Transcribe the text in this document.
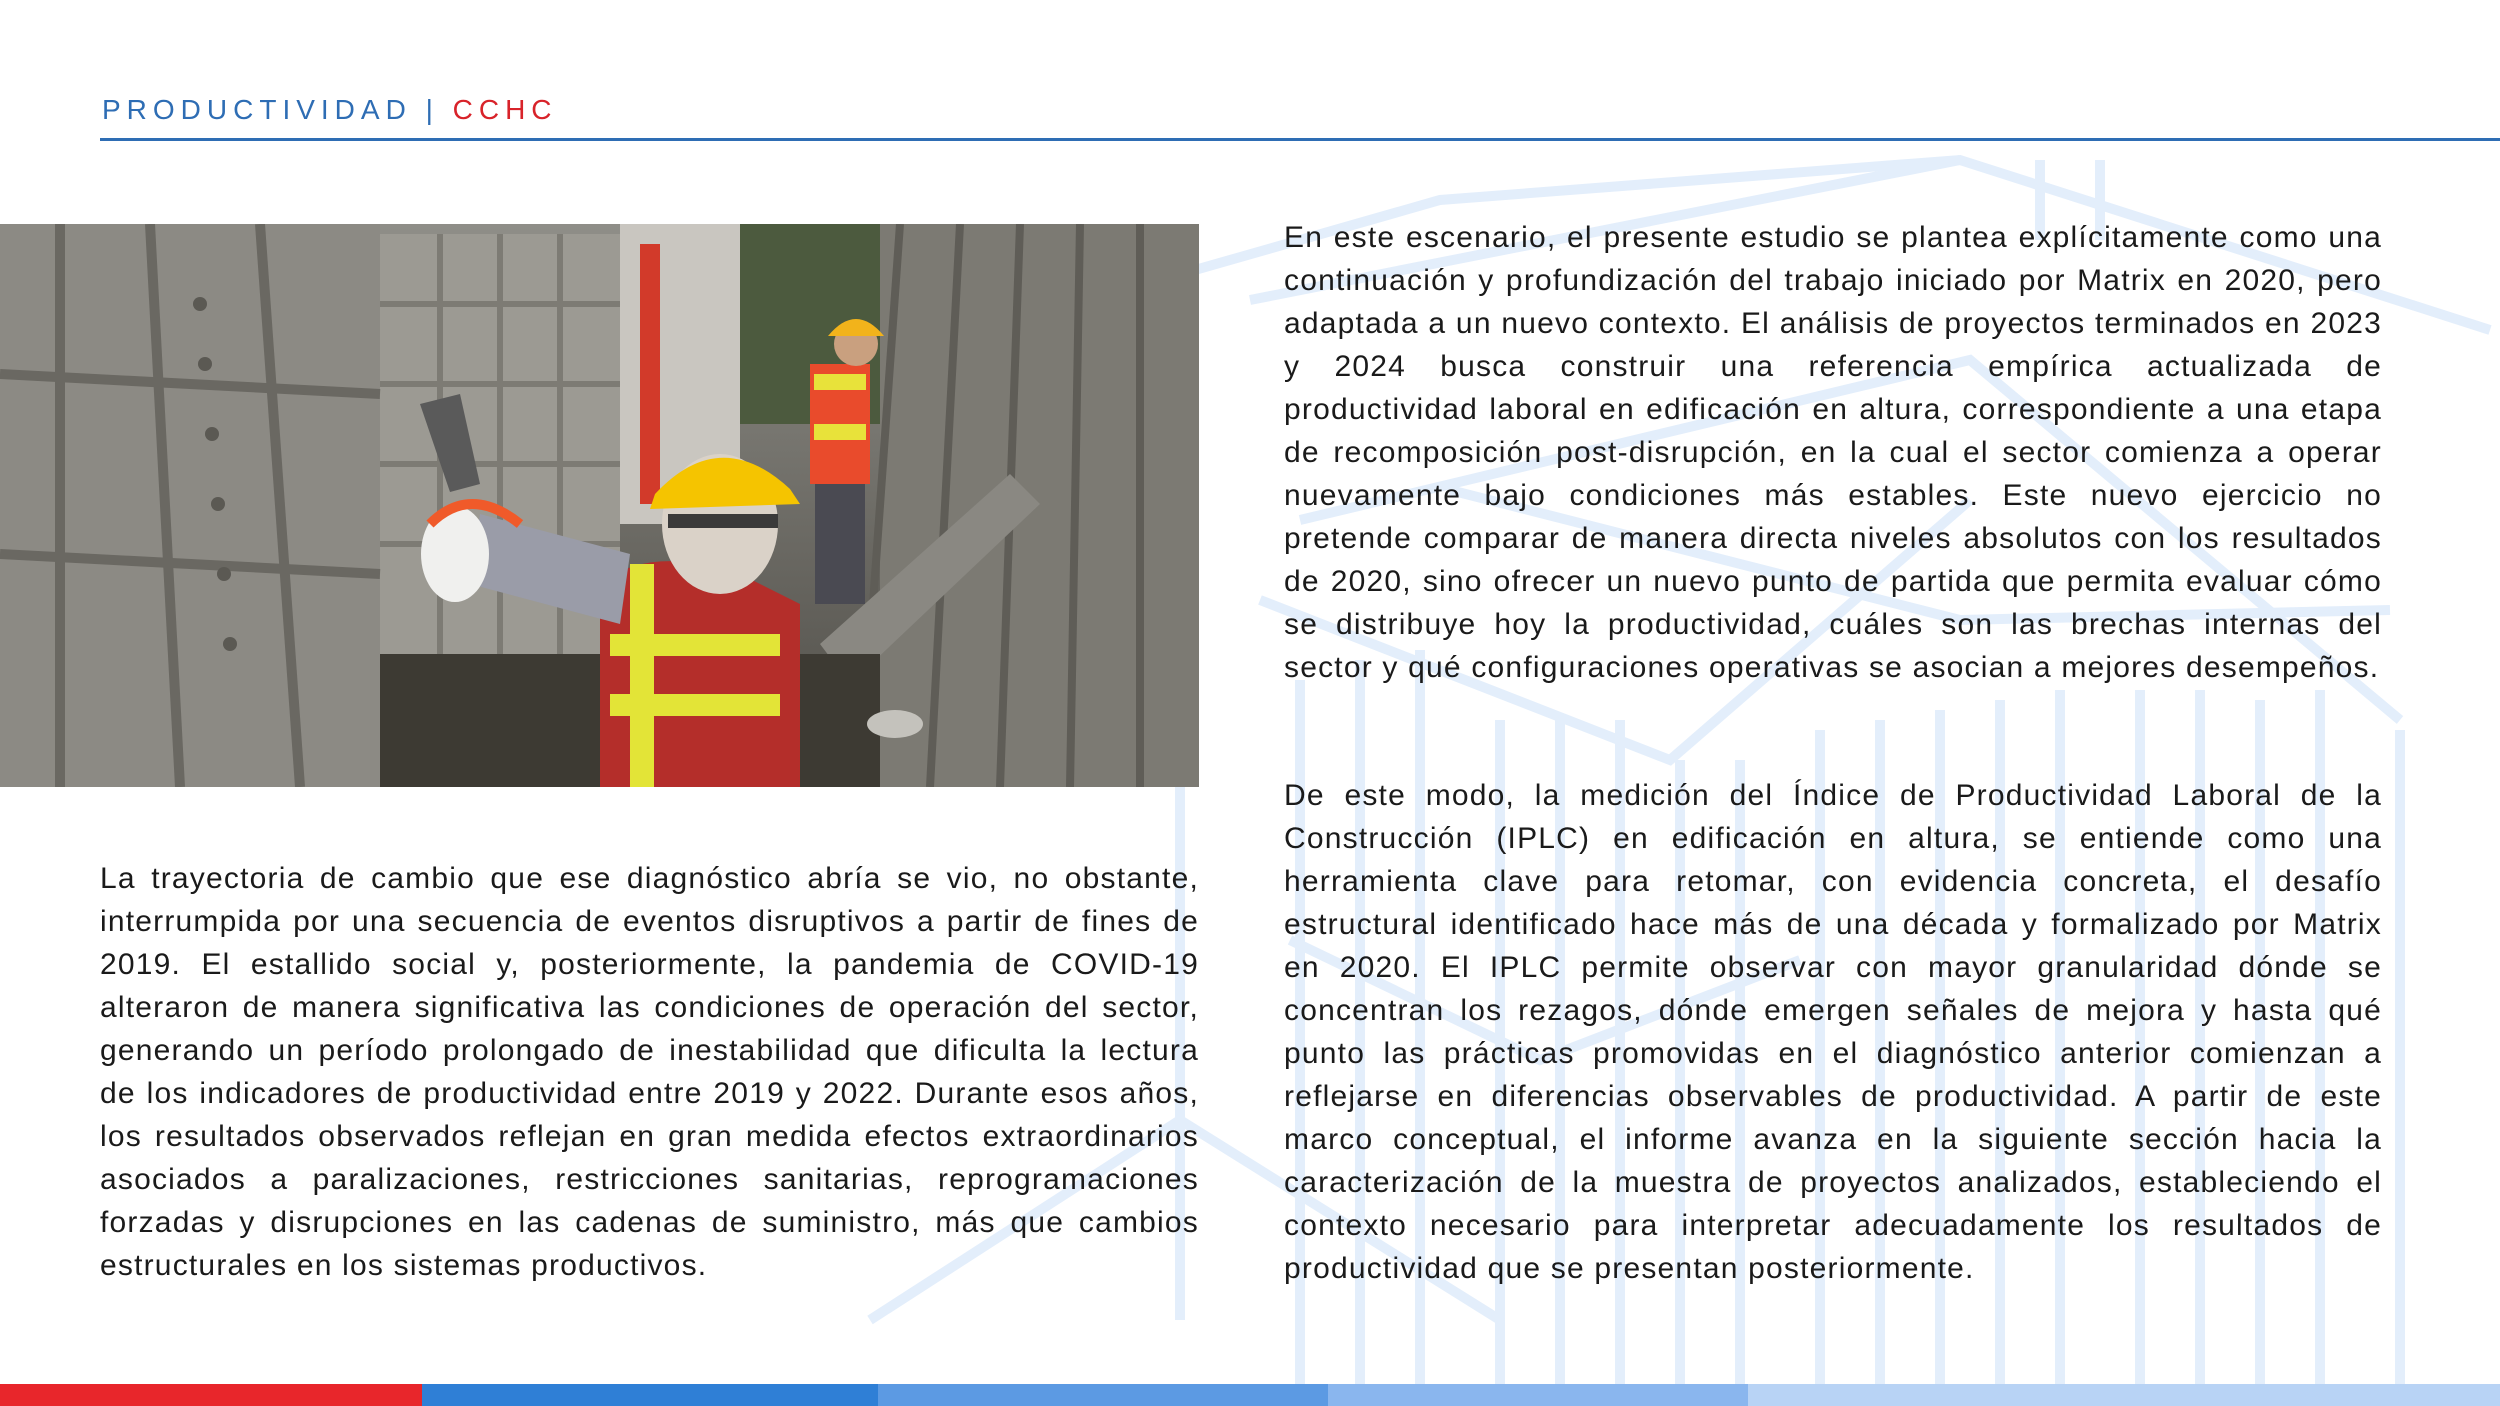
PRODUCTIVIDAD | CCHC

La trayectoria de cambio que ese diagnóstico abría se vio, no obstante, interrumpida por una secuencia de eventos disruptivos a partir de fines de 2019. El estallido social y, posteriormente, la pandemia de COVID-19 alteraron de manera significativa las condiciones de operación del sector, generando un período prolongado de inestabilidad que dificulta la lectura de los indicadores de productividad entre 2019 y 2022. Durante esos años, los resultados observados reflejan en gran medida efectos extraordinarios asociados a paralizaciones, restricciones sanitarias, reprogramaciones forzadas y disrupciones en las cadenas de suministro, más que cambios estructurales en los sistemas productivos.

En este escenario, el presente estudio se plantea explícitamente como una continuación y profundización del trabajo iniciado por Matrix en 2020, pero adaptada a un nuevo contexto. El análisis de proyectos terminados en 2023 y 2024 busca construir una referencia empírica actualizada de productividad laboral en edificación en altura, correspondiente a una etapa de recomposición post-disrupción, en la cual el sector comienza a operar nuevamente bajo condiciones más estables. Este nuevo ejercicio no pretende comparar de manera directa niveles absolutos con los resultados de 2020, sino ofrecer un nuevo punto de partida que permita evaluar cómo se distribuye hoy la productividad, cuáles son las brechas internas del sector y qué configuraciones operativas se asocian a mejores desempeños.

De este modo, la medición del Índice de Productividad Laboral de la Construcción (IPLC) en edificación en altura, se entiende como una herramienta clave para retomar, con evidencia concreta, el desafío estructural identificado hace más de una década y formalizado por Matrix en 2020. El IPLC permite observar con mayor granularidad dónde se concentran los rezagos, dónde emergen señales de mejora y hasta qué punto las prácticas promovidas en el diagnóstico anterior comienzan a reflejarse en diferencias observables de productividad. A partir de este marco conceptual, el informe avanza en la siguiente sección hacia la caracterización de la muestra de proyectos analizados, estableciendo el contexto necesario para interpretar adecuadamente los resultados de productividad que se presentan posteriormente.
